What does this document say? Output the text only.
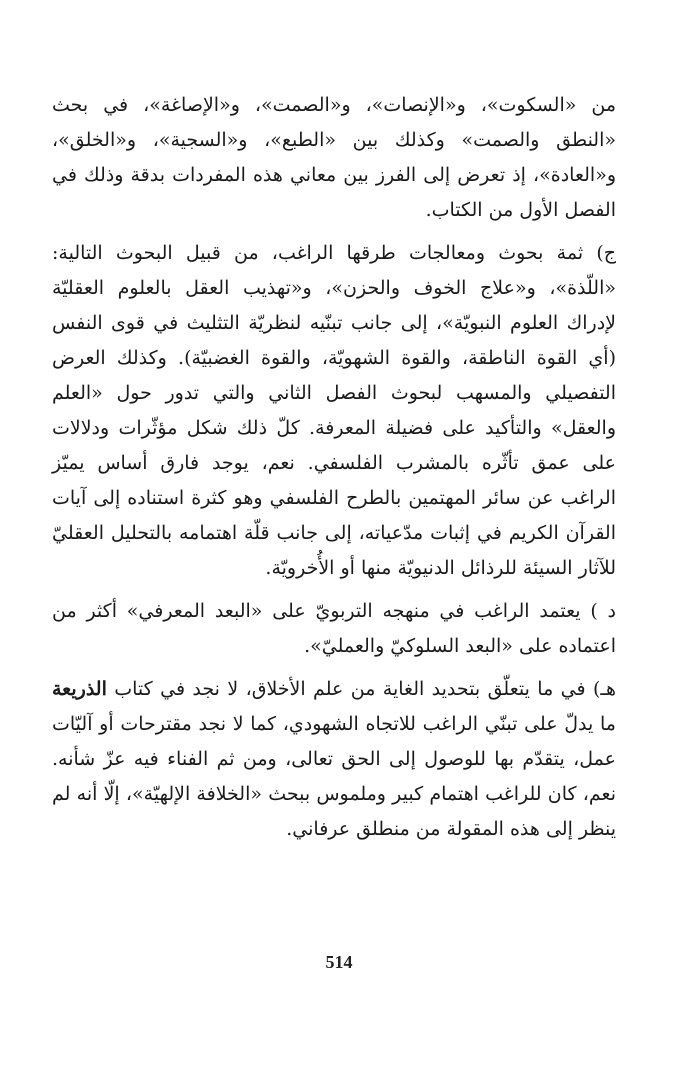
من «السكوت»، و«الإنصات»، و«الصمت»، و«الإصاغة»، في بحث «النطق والصمت» وكذلك بين «الطبع»، و«السجية»، و«الخلق»، و«العادة»، إذ تعرض إلى الفرز بين معاني هذه المفردات بدقة وذلك في الفصل الأول من الكتاب.

ج) ثمة بحوث ومعالجات طرقها الراغب، من قبيل البحوث التالية: «اللّذة»، و«علاج الخوف والحزن»، و«تهذيب العقل بالعلوم العقليّة لإدراك العلوم النبويّة»، إلى جانب تبنّيه لنظريّة التثليث في قوى النفس (أي القوة الناطقة، والقوة الشهويّة، والقوة الغضبيّة). وكذلك العرض التفصيلي والمسهب لبحوث الفصل الثاني والتي تدور حول «العلم والعقل» والتأكيد على فضيلة المعرفة. كلّ ذلك شكل مؤثّرات ودلالات على عمق تأثّره بالمشرب الفلسفي. نعم، يوجد فارق أساس يميّز الراغب عن سائر المهتمين بالطرح الفلسفي وهو كثرة استناده إلى آيات القرآن الكريم في إثبات مدّعياته، إلى جانب قلّة اهتمامه بالتحليل العقليّ للآثار السيئة للرذائل الدنيويّة منها أو الأُخرويّة.

د ) يعتمد الراغب في منهجه التربويّ على «البعد المعرفي» أكثر من اعتماده على «البعد السلوكيّ والعمليّ».

هـ) في ما يتعلّق بتحديد الغاية من علم الأخلاق، لا نجد في كتاب الذريعة ما يدلّ على تبنّي الراغب للاتجاه الشهودي، كما لا نجد مقترحات أو آليّات عمل، يتقدّم بها للوصول إلى الحق تعالى، ومن ثم الفناء فيه عزّ شأنه. نعم، كان للراغب اهتمام كبير وملموس ببحث «الخلافة الإلهيّة»، إلّا أنه لم ينظر إلى هذه المقولة من منطلق عرفاني.

514
